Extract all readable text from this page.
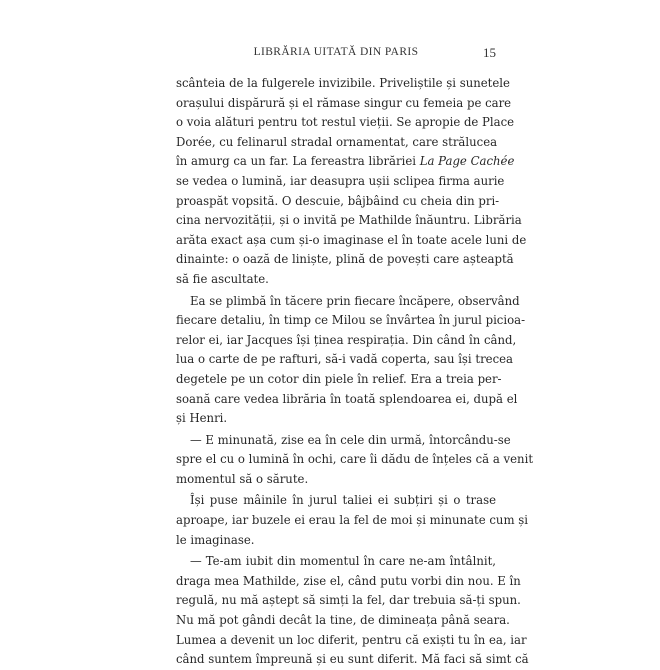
LIBRĂRIA UITATĂ DIN PARIS	15
scânteia de la fulgerele invizibile. Priveliștile și sunetele
orașului dispărură și el rămase singur cu femeia pe care
o voia alături pentru tot restul vieții. Se apropie de Place
Dorée, cu felinarul stradal ornamentat, care strălucea
în amurg ca un far. La fereastra librăriei La Page Cachée
se vedea o lumină, iar deasupra ușii sclipea firma aurie
proaspăt vopsită. O descuie, bâjbâind cu cheia din pri-
cina nervozității, și o invită pe Mathilde înăuntru. Librăria
arăta exact așa cum și-o imaginase el în toate acele luni de
dinainte: o oază de liniște, plină de povești care așteaptă
să fie ascultate.
Ea se plimbă în tăcere prin fiecare încăpere, observând
fiecare detaliu, în timp ce Milou se învârtea în jurul picioa-
relor ei, iar Jacques își ținea respirația. Din când în când,
lua o carte de pe rafturi, să-i vadă coperta, sau își trecea
degetele pe un cotor din piele în relief. Era a treia per-
soană care vedea librăria în toată splendoarea ei, după el
și Henri.
— E minunată, zise ea în cele din urmă, întorcându-se
spre el cu o lumină în ochi, care îi dădu de înțeles că a venit
momentul să o sărute.
Își puse mâinile în jurul taliei ei subțiri și o trase
aproape, iar buzele ei erau la fel de moi și minunate cum și
le imaginase.
— Te-am iubit din momentul în care ne-am întâlnit,
draga mea Mathilde, zise el, când putu vorbi din nou. E în
regulă, nu mă aștept să simți la fel, dar trebuia să-ți spun.
Nu mă pot gândi decât la tine, de dimineața până seara.
Lumea a devenit un loc diferit, pentru că exiști tu în ea, iar
când suntem împreună și eu sunt diferit. Mă faci să simt că
